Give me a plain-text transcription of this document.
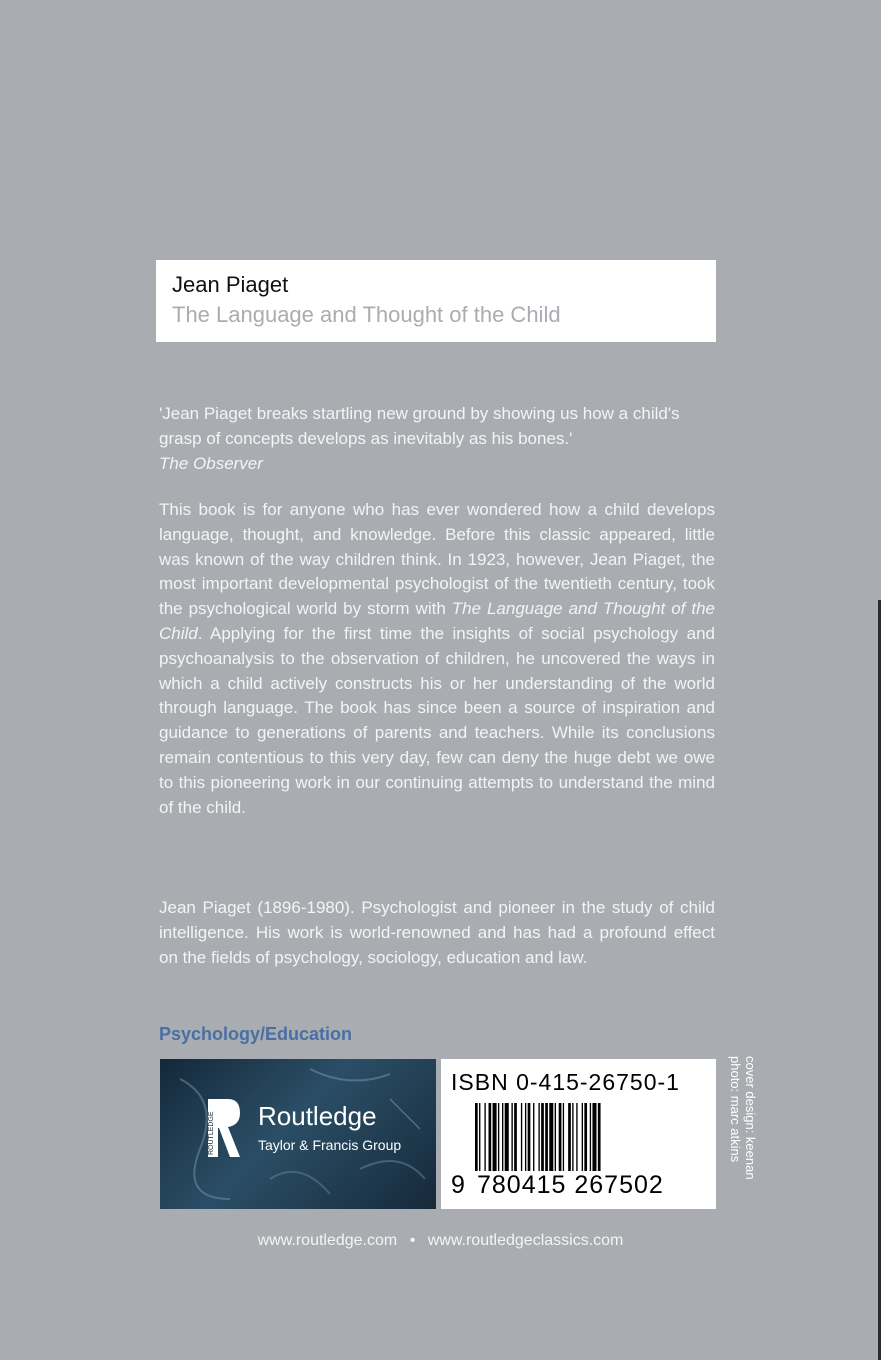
Jean Piaget
The Language and Thought of the Child
'Jean Piaget breaks startling new ground by showing us how a child's grasp of concepts develops as inevitably as his bones.'
The Observer
This book is for anyone who has ever wondered how a child develops language, thought, and knowledge. Before this classic appeared, little was known of the way children think. In 1923, however, Jean Piaget, the most important developmental psychologist of the twentieth century, took the psychological world by storm with The Language and Thought of the Child. Applying for the first time the insights of social psychology and psychoanalysis to the observation of children, he uncovered the ways in which a child actively constructs his or her understanding of the world through language. The book has since been a source of inspiration and guidance to generations of parents and teachers. While its conclusions remain contentious to this very day, few can deny the huge debt we owe to this pioneering work in our continuing attempts to understand the mind of the child.
Jean Piaget (1896-1980). Psychologist and pioneer in the study of child intelligence. His work is world-renowned and has had a profound effect on the fields of psychology, sociology, education and law.
Psychology/Education
ROUTLEDGE Routledge
Taylor & Francis Group
ISBN 0-415-26750-1
9 780415 267502
cover design: keenan
photo: marc atkins
www.routledge.com • www.routledgeclassics.com
